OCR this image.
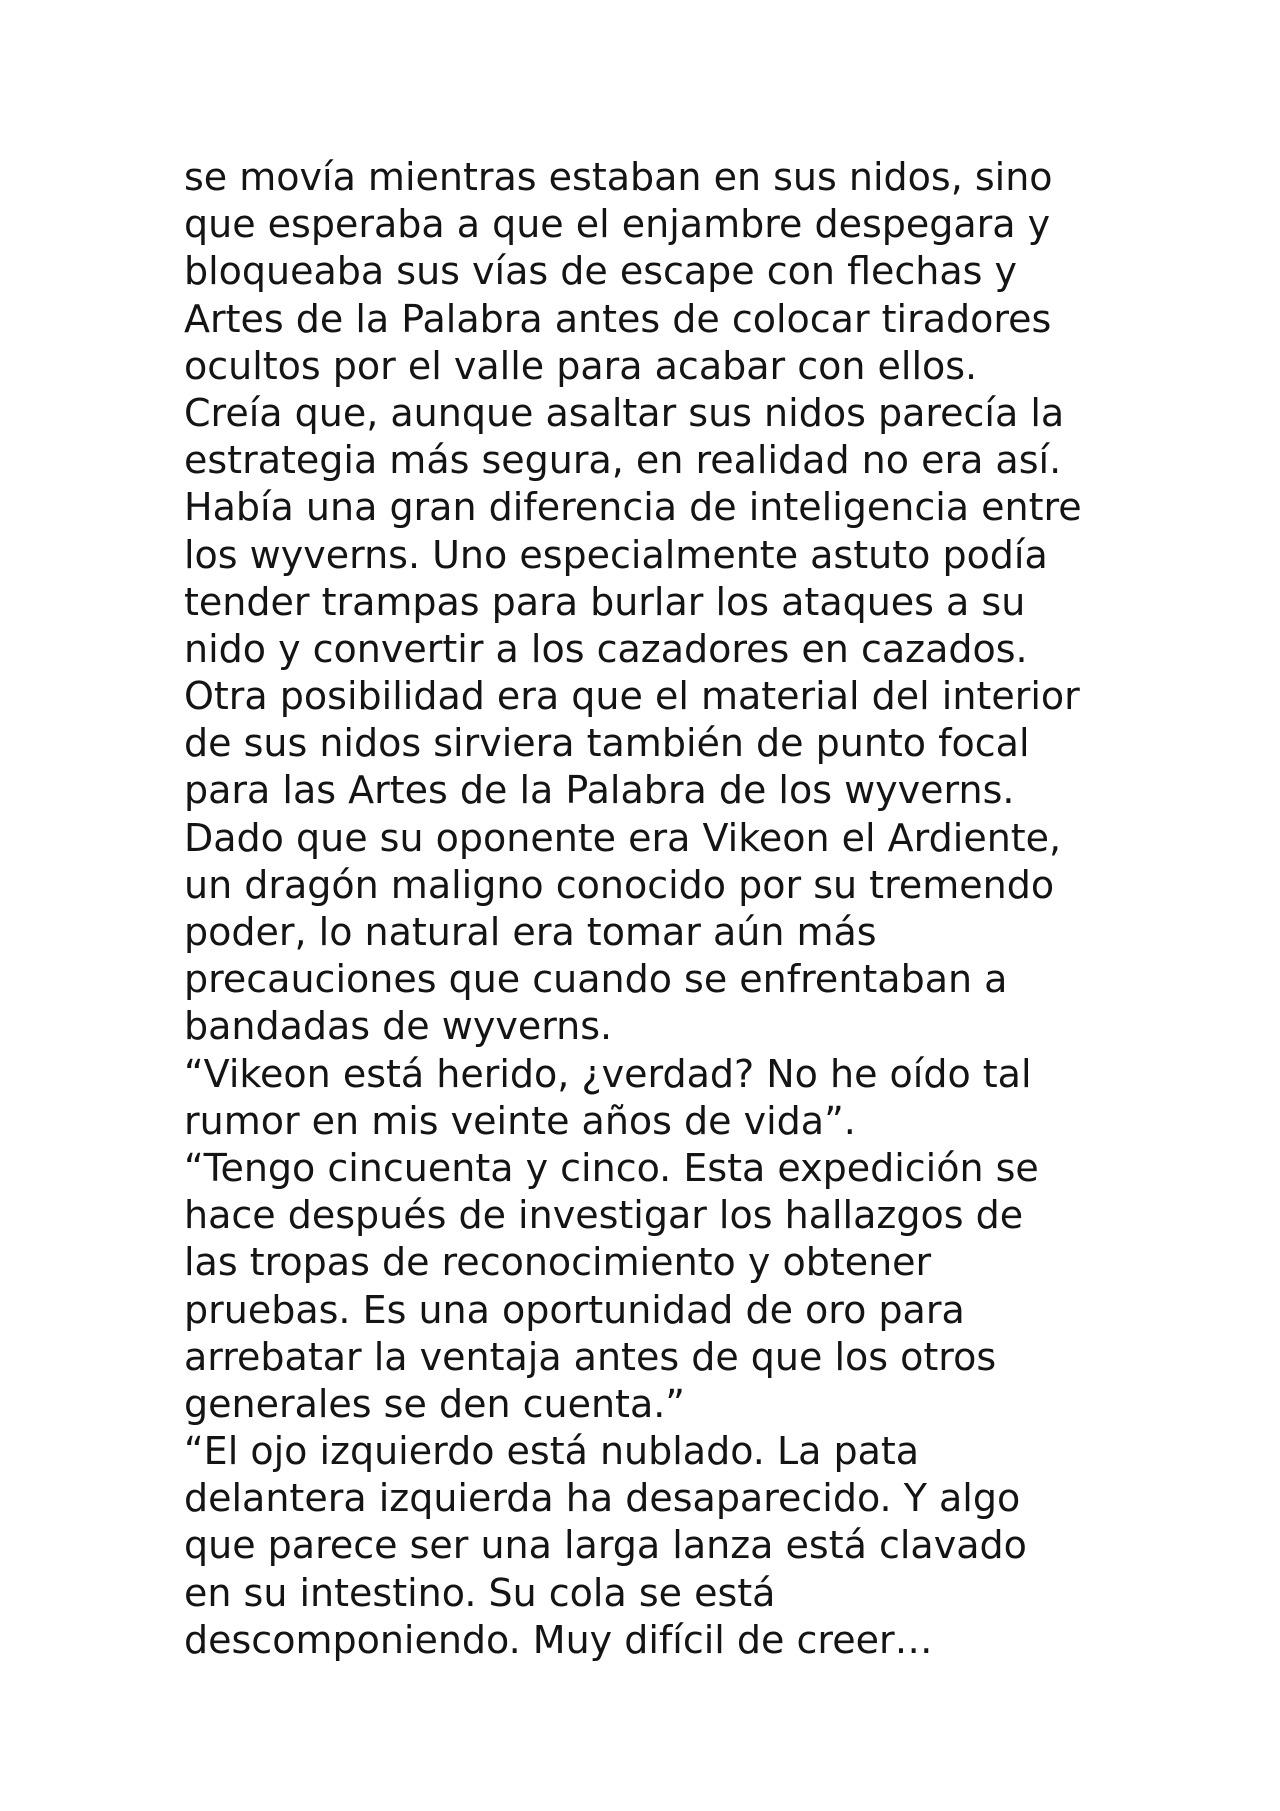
se movía mientras estaban en sus nidos, sino
que esperaba a que el enjambre despegara y
bloqueaba sus vías de escape con flechas y
Artes de la Palabra antes de colocar tiradores
ocultos por el valle para acabar con ellos.
Creía que, aunque asaltar sus nidos parecía la
estrategia más segura, en realidad no era así.
Había una gran diferencia de inteligencia entre
los wyverns. Uno especialmente astuto podía
tender trampas para burlar los ataques a su
nido y convertir a los cazadores en cazados.
Otra posibilidad era que el material del interior
de sus nidos sirviera también de punto focal
para las Artes de la Palabra de los wyverns.
Dado que su oponente era Vikeon el Ardiente,
un dragón maligno conocido por su tremendo
poder, lo natural era tomar aún más
precauciones que cuando se enfrentaban a
bandadas de wyverns.
“Vikeon está herido, ¿verdad? No he oído tal
rumor en mis veinte años de vida”.
“Tengo cincuenta y cinco. Esta expedición se
hace después de investigar los hallazgos de
las tropas de reconocimiento y obtener
pruebas. Es una oportunidad de oro para
arrebatar la ventaja antes de que los otros
generales se den cuenta.”
“El ojo izquierdo está nublado. La pata
delantera izquierda ha desaparecido. Y algo
que parece ser una larga lanza está clavado
en su intestino. Su cola se está
descomponiendo. Muy difícil de creer…
